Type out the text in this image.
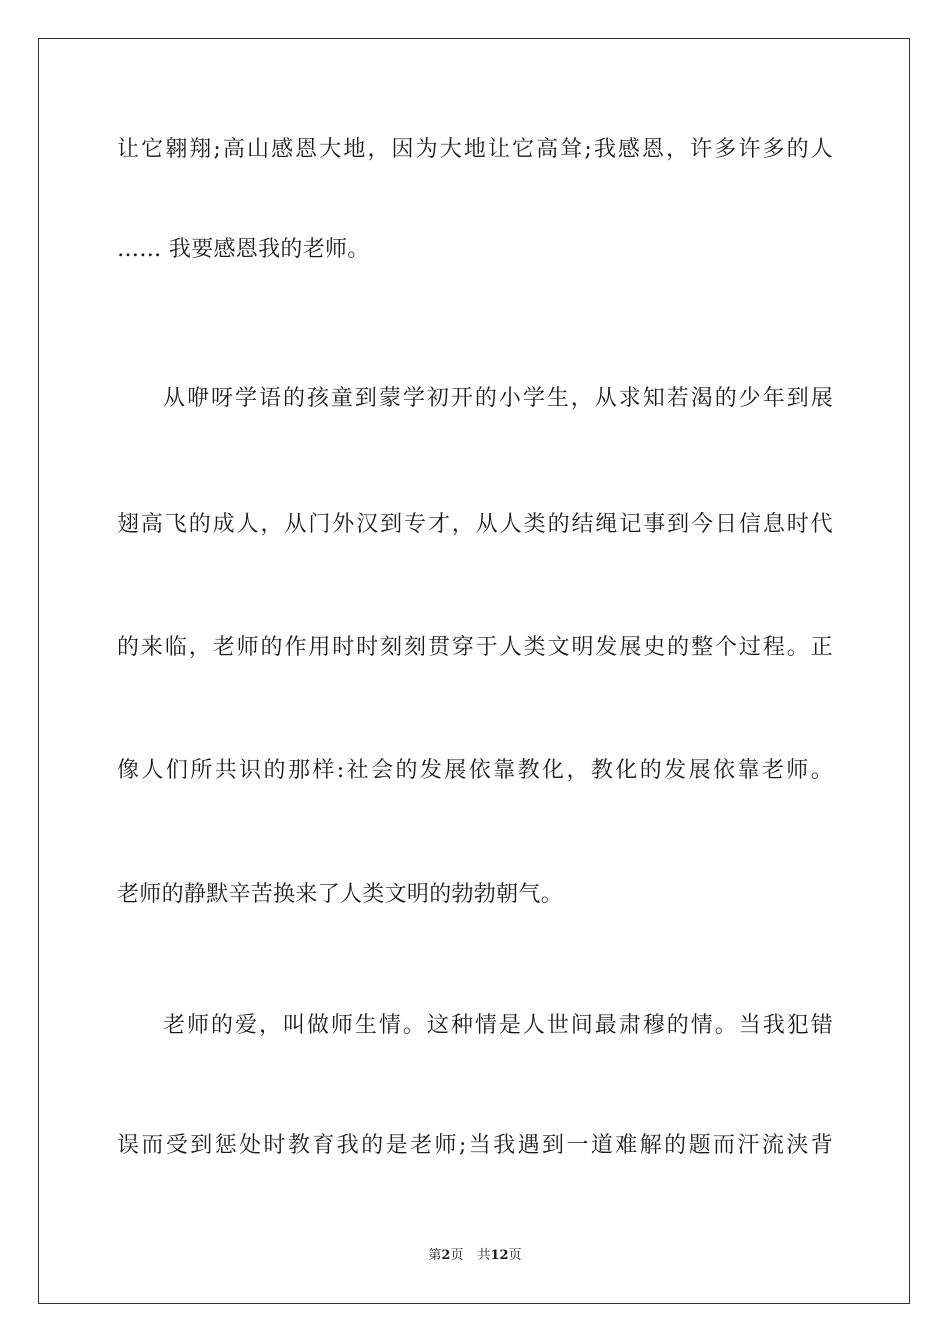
让它翱翔;高山感恩大地，因为大地让它高耸;我感恩，许多许多的人
…… 我要感恩我的老师。
从咿呀学语的孩童到蒙学初开的小学生，从求知若渴的少年到展
翅高飞的成人，从门外汉到专才，从人类的结绳记事到今日信息时代
的来临，老师的作用时时刻刻贯穿于人类文明发展史的整个过程。正
像人们所共识的那样:社会的发展依靠教化，教化的发展依靠老师。
老师的静默辛苦换来了人类文明的勃勃朝气。
老师的爱，叫做师生情。这种情是人世间最肃穆的情。当我犯错
误而受到惩处时教育我的是老师;当我遇到一道难解的题而汗流浃背
第2页 共12页
